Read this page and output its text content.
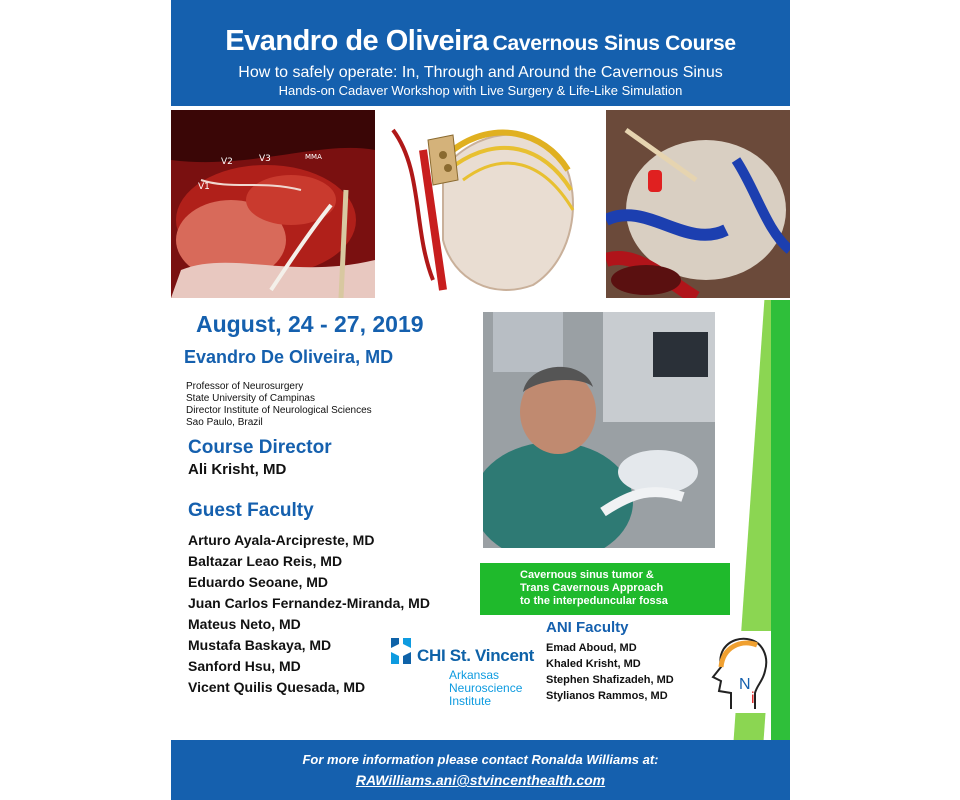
Evandro de Oliveira Cavernous Sinus Course
How to safely operate: In, Through and Around the Cavernous Sinus
Hands-on Cadaver Workshop with Live Surgery & Life-Like Simulation
V1
V2	V3	MMA
August, 24 - 27, 2019
Evandro De Oliveira, MD
Professor of Neurosurgery
State University of Campinas
Director Institute of Neurological Sciences
Sao Paulo, Brazil
Course Director
Ali Krisht, MD
Guest Faculty
Arturo Ayala-Arcipreste, MD
Baltazar Leao Reis, MD
Eduardo Seoane, MD
Juan Carlos Fernandez-Miranda, MD
Mateus Neto, MD
Mustafa Baskaya, MD
Sanford Hsu, MD
Vicent Quilis Quesada, MD
Cavernous sinus tumor &
Trans Cavernous Approach
to the interpeduncular fossa
CHI St. Vincent
Arkansas
Neuroscience
Institute
ANI Faculty
Emad Aboud, MD
Khaled Krisht, MD
Stephen Shafizadeh, MD
Stylianos Rammos, MD
N
i
For more information please contact Ronalda Williams at:
RAWilliams.ani@stvincenthealth.com
